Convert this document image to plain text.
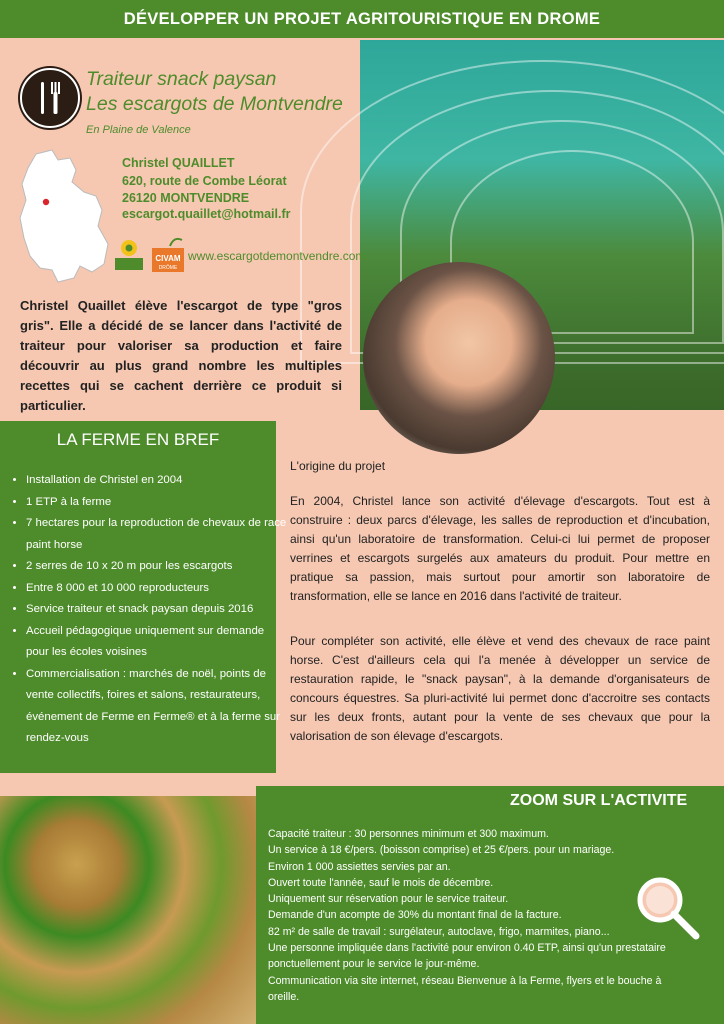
DÉVELOPPER UN PROJET AGRITOURISTIQUE EN DROME
Traiteur snack paysan
Les escargots de Montvendre
En Plaine de Valence
Christel QUAILLET
620, route de Combe Léorat
26120 MONTVENDRE
escargot.quaillet@hotmail.fr
CIVAM
DRÔME
www.escargotdemontvendre.com
Christel Quaillet élève l'escargot de type "gros gris". Elle a décidé de se lancer dans l'activité de traiteur pour valoriser sa production et faire découvrir au plus grand nombre les multiples recettes qui se cachent derrière ce produit si particulier.
LA FERME EN BREF
• Installation de Christel en 2004
• 1 ETP à la ferme
• 7 hectares pour la reproduction de chevaux de race paint horse
• 2 serres de 10 x 20 m pour les escargots
• Entre 8 000 et 10 000 reproducteurs
• Service traiteur et snack paysan depuis 2016
• Accueil pédagogique uniquement sur demande pour les écoles voisines
• Commercialisation : marchés de noël, points de vente collectifs, foires et salons, restaurateurs, événement de Ferme en Ferme® et à la ferme sur rendez-vous
L'origine du projet
En 2004, Christel lance son activité d'élevage d'escargots. Tout est à construire : deux parcs d'élevage, les salles de reproduction et d'incubation, ainsi qu'un laboratoire de transformation. Celui-ci lui permet de proposer verrines et escargots surgelés aux amateurs du produit. Pour mettre en pratique sa passion, mais surtout pour amortir son laboratoire de transformation, elle se lance en 2016 dans l'activité de traiteur.
Pour compléter son activité, elle élève et vend des chevaux de race paint horse. C'est d'ailleurs cela qui l'a menée à développer un service de restauration rapide, le "snack paysan", à la demande d'organisateurs de concours équestres. Sa pluri-activité lui permet donc d'accroitre ses contacts sur les deux fronts, autant pour la vente de ses chevaux que pour la valorisation de son élevage d'escargots.
ZOOM SUR L'ACTIVITE
Capacité traiteur : 30 personnes minimum et 300 maximum.
Un service à 18 €/pers. (boisson comprise) et 25 €/pers. pour un mariage.
Environ 1 000 assiettes servies par an.
Ouvert toute l'année, sauf le mois de décembre.
Uniquement sur réservation pour le service traiteur.
Demande d'un acompte de 30% du montant final de la facture.
82 m² de salle de travail : surgélateur, autoclave, frigo, marmites, piano...
Une personne impliquée dans l'activité pour environ 0.40 ETP, ainsi qu'un prestataire ponctuellement pour le service le jour-même.
Communication via site internet, réseau Bienvenue à la Ferme, flyers et le bouche à oreille.
